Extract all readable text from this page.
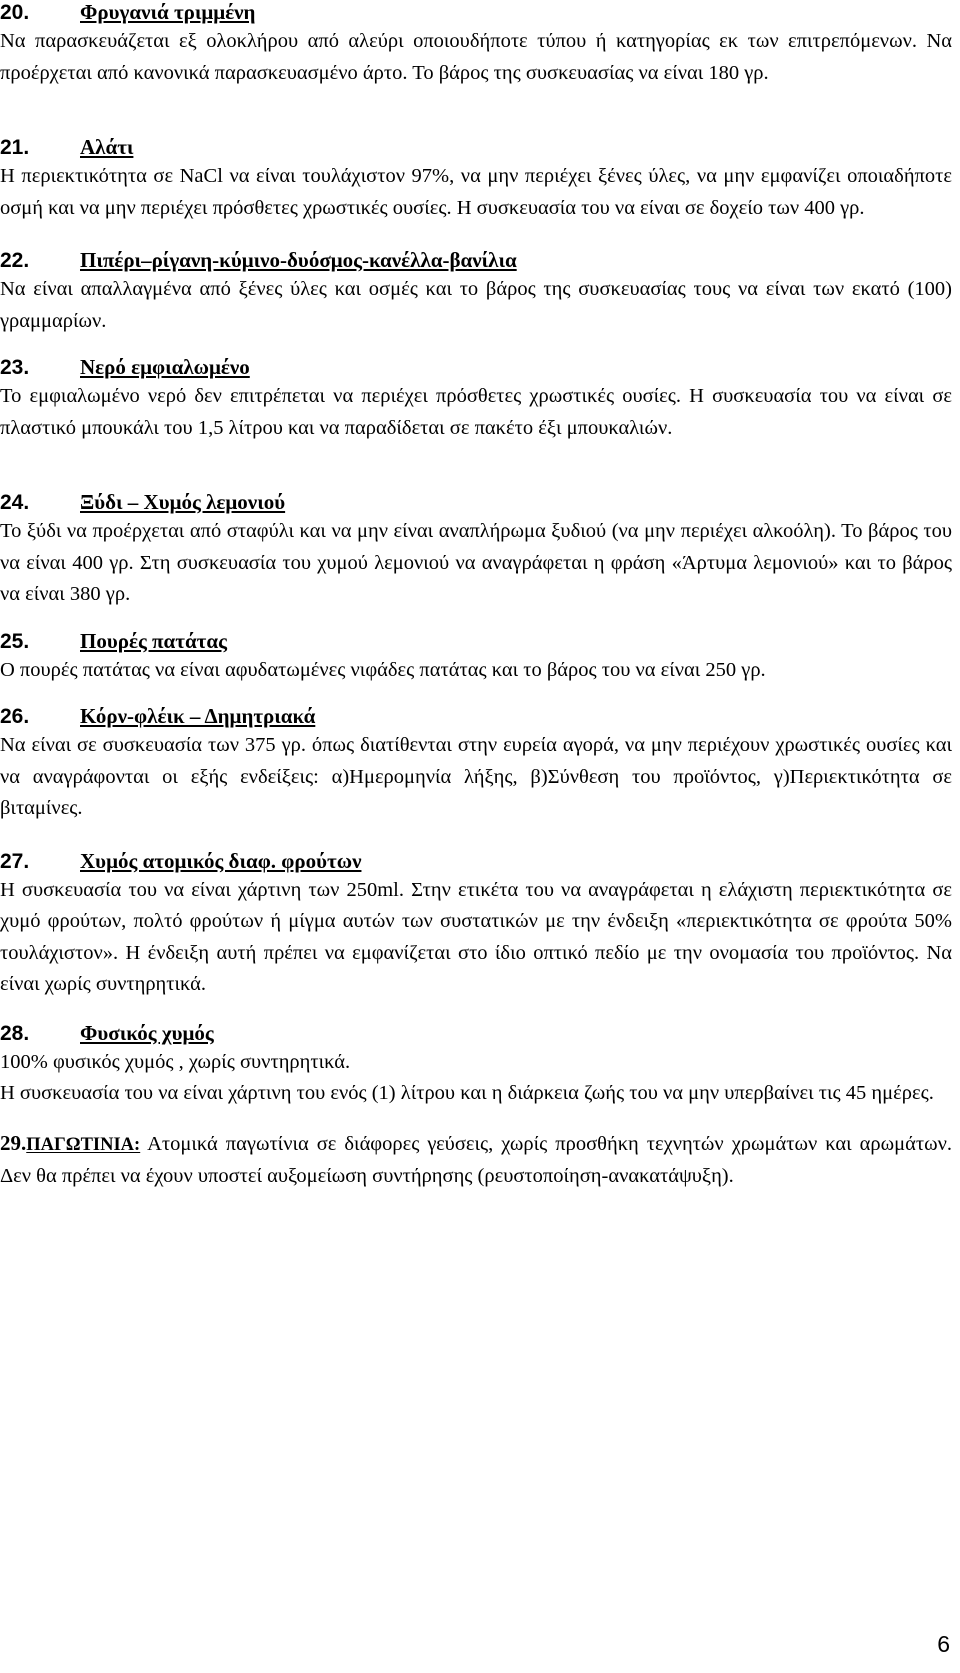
20.	Φρυγανιά τριμμένη

Να παρασκευάζεται εξ ολοκλήρου από αλεύρι οποιουδήποτε τύπου ή κατηγορίας εκ των επιτρεπόμενων. Να προέρχεται από κανονικά παρασκευασμένο άρτο. Το βάρος της συσκευασίας να είναι 180 γρ.

21.	Αλάτι

Η περιεκτικότητα σε NaCl να είναι τουλάχιστον 97%, να μην περιέχει ξένες ύλες, να μην εμφανίζει οποιαδήποτε οσμή και να μην περιέχει πρόσθετες χρωστικές ουσίες. Η συσκευασία του να είναι σε δοχείο των 400 γρ.

22.	Πιπέρι–ρίγανη-κύμινο-δυόσμος-κανέλλα-βανίλια

Να είναι απαλλαγμένα από ξένες ύλες και οσμές και το βάρος της συσκευασίας τους να είναι των εκατό (100) γραμμαρίων.

23.	Νερό εμφιαλωμένο

Το εμφιαλωμένο νερό δεν επιτρέπεται να περιέχει πρόσθετες χρωστικές ουσίες. Η συσκευασία του να είναι σε πλαστικό μπουκάλι του 1,5 λίτρου και να παραδίδεται σε πακέτο έξι μπουκαλιών.

24.	Ξύδι – Χυμός λεμονιού

Το ξύδι να προέρχεται από σταφύλι και να μην είναι αναπλήρωμα ξυδιού (να μην περιέχει αλκοόλη). Το βάρος του να είναι 400 γρ. Στη συσκευασία του χυμού λεμονιού να αναγράφεται η φράση «Άρτυμα λεμονιού» και το βάρος να είναι 380 γρ.

25.	Πουρές πατάτας

Ο πουρές πατάτας να είναι αφυδατωμένες νιφάδες πατάτας και το βάρος του να είναι 250 γρ.

26.	Κόρν-φλέικ – Δημητριακά

Να είναι σε συσκευασία των 375 γρ. όπως διατίθενται στην ευρεία αγορά, να μην περιέχουν χρωστικές ουσίες και να αναγράφονται οι εξής ενδείξεις: α)Ημερομηνία λήξης, β)Σύνθεση του προϊόντος, γ)Περιεκτικότητα σε βιταμίνες.

27.	Χυμός ατομικός διαφ. φρούτων

Η συσκευασία του να είναι χάρτινη των 250ml. Στην ετικέτα του να αναγράφεται η ελάχιστη περιεκτικότητα σε χυμό φρούτων, πολτό φρούτων ή μίγμα αυτών των συστατικών με την ένδειξη «περιεκτικότητα σε φρούτα 50% τουλάχιστον». Η ένδειξη αυτή πρέπει να εμφανίζεται στο ίδιο οπτικό πεδίο με την ονομασία του προϊόντος. Να είναι χωρίς συντηρητικά.

28.	Φυσικός χυμός

100% φυσικός χυμός , χωρίς συντηρητικά.

Η συσκευασία του να είναι χάρτινη του ενός (1) λίτρου και η διάρκεια ζωής του να μην υπερβαίνει τις 45 ημέρες.

29.ΠΑΓΩΤΙΝΙΑ: Ατομικά παγωτίνια σε διάφορες γεύσεις, χωρίς προσθήκη τεχνητών χρωμάτων και αρωμάτων. Δεν θα πρέπει να έχουν υποστεί αυξομείωση συντήρησης (ρευστοποίηση-ανακατάψυξη).

6
